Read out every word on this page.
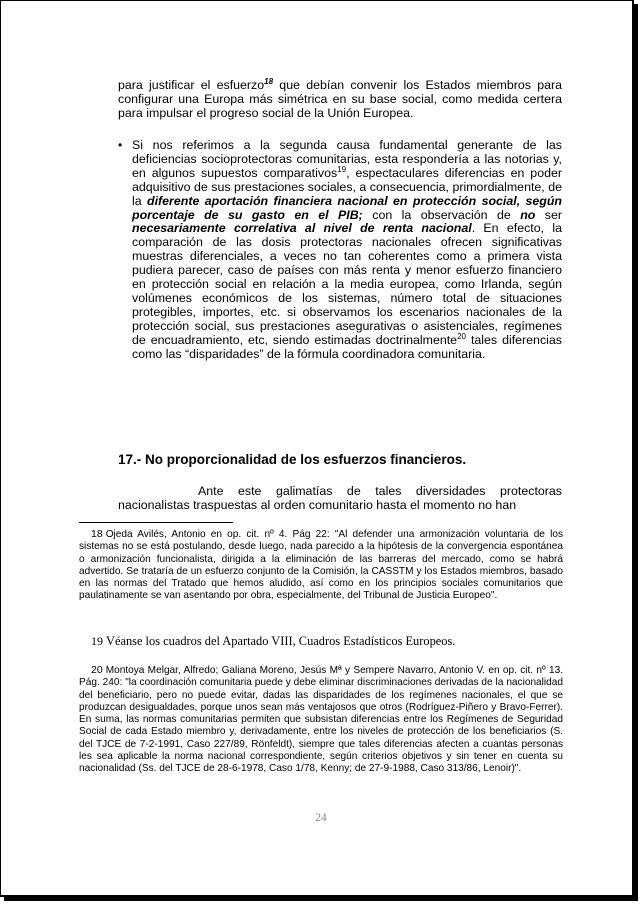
para justificar el esfuerzo$^{18}$ que debían convenir los Estados miembros para configurar una Europa más simétrica en su base social, como medida certera para impulsar el progreso social de la Unión Europea.
• Si nos referimos a la segunda causa fundamental generante de las deficiencias socioprotectoras comunitarias, esta respondería a las notorias y, en algunos supuestos comparativos$^{19}$, espectaculares diferencias en poder adquisitivo de sus prestaciones sociales, a consecuencia, primordialmente, de la diferente aportación financiera nacional en protección social, según porcentaje de su gasto en el PIB; con la observación de no ser necesariamente correlativa al nivel de renta nacional. En efecto, la comparación de las dosis protectoras nacionales ofrecen significativas muestras diferenciales, a veces no tan coherentes como a primera vista pudiera parecer, caso de países con más renta y menor esfuerzo financiero en protección social en relación a la media europea, como Irlanda, según volúmenes económicos de los sistemas, número total de situaciones protegibles, importes, etc. si observamos los escenarios nacionales de la protección social, sus prestaciones asegurativas o asistenciales, regímenes de encuadramiento, etc, siendo estimadas doctrinalmente$^{20}$ tales diferencias como las “disparidades” de la fórmula coordinadora comunitaria.
17.- No proporcionalidad de los esfuerzos financieros.
Ante este galimatías de tales diversidades protectoras nacionalistas traspuestas al orden comunitario hasta el momento no han
18 Ojeda Avilés, Antonio en op. cit. nº 4. Pág 22: "Al defender una armonización voluntaria de los sistemas no se está postulando, desde luego, nada parecido a la hipótesis de la convergencia espontánea o armonización funcionalista, dirigida a la eliminación de las barreras del mercado, como se habrá advertido. Se trataría de un esfuerzo conjunto de la Comisión, la CASSTM y los Estados miembros, basado en las normas del Tratado que hemos aludido, así como en los principios sociales comunitarios que paulatinamente se van asentando por obra, especialmente, del Tribunal de Justicia Europeo".
19 Véanse los cuadros del Apartado VIII, Cuadros Estadísticos Europeos.
20 Montoya Melgar, Alfredo; Galiana Moreno, Jesús Mª y Sempere Navarro, Antonio V. en op. cit. nº 13. Pág. 240: "la coordinación comunitaria puede y debe eliminar discriminaciones derivadas de la nacionalidad del beneficiario, pero no puede evitar, dadas las disparidades de los regímenes nacionales, el que se produzcan desigualdades, porque unos sean más ventajosos que otros (Rodríguez-Piñero y Bravo-Ferrer). En suma, las normas comunitarias permiten que subsistan diferencias entre los Regímenes de Seguridad Social de cada Estado miembro y, derivadamente, entre los niveles de protección de los beneficiarios (S. del TJCE de 7-2-1991, Caso 227/89, Rönfeldt), siempre que tales diferencias afecten a cuantas personas les sea aplicable la norma nacional correspondiente, según criterios objetivos y sin tener en cuenta su nacionalidad (Ss. del TJCE de 28-6-1978, Caso 1/78, Kenny; de 27-9-1988, Caso 313/86, Lenoir)".
24
